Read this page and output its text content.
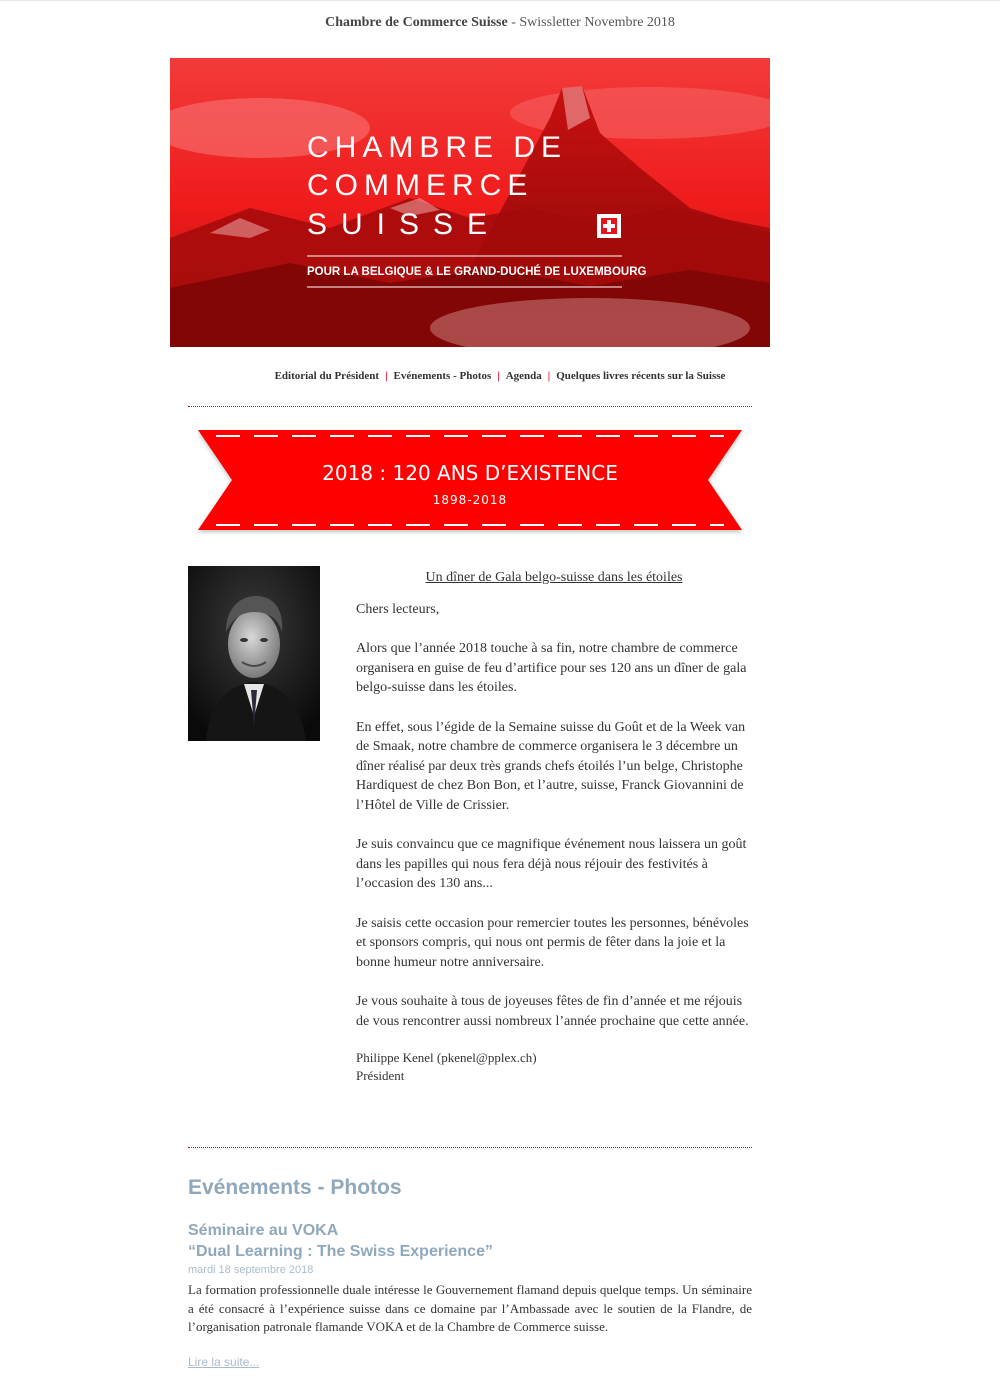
Chambre de Commerce Suisse - Swissletter Novembre 2018
CHAMBRE DE
COMMERCE
SUISSE
POUR LA BELGIQUE & LE GRAND-DUCHÉ DE LUXEMBOURG
Editorial du Président | Evénements - Photos | Agenda | Quelques livres récents sur la Suisse
2018 : 120 ANS D’EXISTENCE
1898-2018
Un dîner de Gala belgo-suisse dans les étoiles

Chers lecteurs,

Alors que l’année 2018 touche à sa fin, notre chambre de commerce organisera en guise de feu d’artifice pour ses 120 ans un dîner de gala belgo-suisse dans les étoiles.

En effet, sous l’égide de la Semaine suisse du Goût et de la Week van de Smaak, notre chambre de commerce organisera le 3 décembre un dîner réalisé par deux très grands chefs étoilés l’un belge, Christophe Hardiquest de chez Bon Bon, et l’autre, suisse, Franck Giovannini de l’Hôtel de Ville de Crissier.

Je suis convaincu que ce magnifique événement nous laissera un goût dans les papilles qui nous fera déjà nous réjouir des festivités à l’occasion des 130 ans...

Je saisis cette occasion pour remercier toutes les personnes, bénévoles et sponsors compris, qui nous ont permis de fêter dans la joie et la bonne humeur notre anniversaire.

Je vous souhaite à tous de joyeuses fêtes de fin d’année et me réjouis de vous rencontrer aussi nombreux l’année prochaine que cette année.

Philippe Kenel (pkenel@pplex.ch)
Président
Evénements - Photos
Séminaire au VOKA
“Dual Learning : The Swiss Experience”
mardi 18 septembre 2018
La formation professionnelle duale intéresse le Gouvernement flamand depuis quelque temps. Un séminaire a été consacré à l’expérience suisse dans ce domaine par l’Ambassade avec le soutien de la Flandre, de l’organisation patronale flamande VOKA et de la Chambre de Commerce suisse.
Lire la suite...
